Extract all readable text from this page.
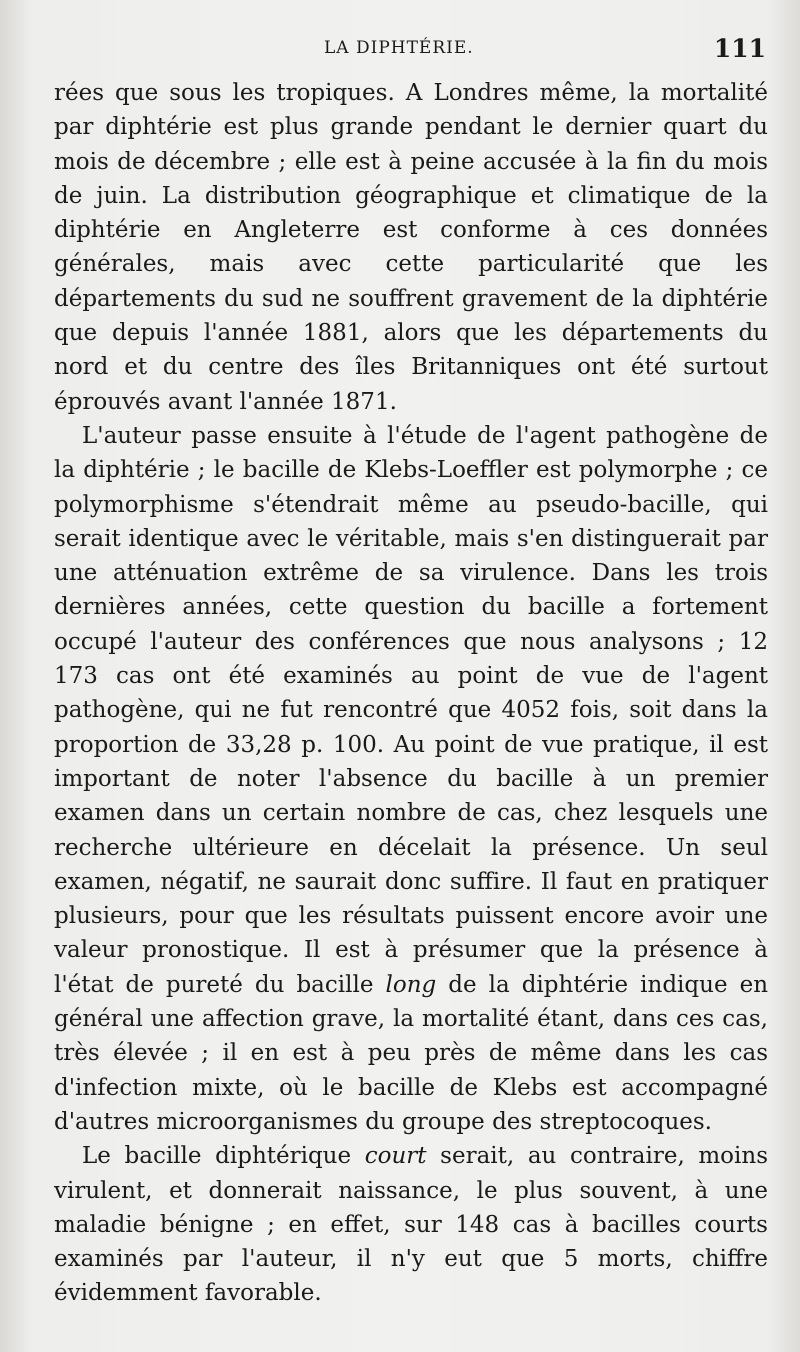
LA DIPHTÉRIE.	111

rées que sous les tropiques. A Londres même, la mortalité par diphtérie est plus grande pendant le dernier quart du mois de décembre ; elle est à peine accusée à la fin du mois de juin. La distribution géographique et climatique de la diphtérie en Angleterre est conforme à ces données générales, mais avec cette particularité que les départements du sud ne souffrent gravement de la diphtérie que depuis l'année 1881, alors que les départements du nord et du centre des îles Britanniques ont été surtout éprouvés avant l'année 1871.

L'auteur passe ensuite à l'étude de l'agent pathogène de la diphtérie ; le bacille de Klebs-Loeffler est polymorphe ; ce polymorphisme s'étendrait même au pseudo-bacille, qui serait identique avec le véritable, mais s'en distinguerait par une atténuation extrême de sa virulence. Dans les trois dernières années, cette question du bacille a fortement occupé l'auteur des conférences que nous analysons ; 12 173 cas ont été examinés au point de vue de l'agent pathogène, qui ne fut rencontré que 4052 fois, soit dans la proportion de 33,28 p. 100. Au point de vue pratique, il est important de noter l'absence du bacille à un premier examen dans un certain nombre de cas, chez lesquels une recherche ultérieure en décelait la présence. Un seul examen, négatif, ne saurait donc suffire. Il faut en pratiquer plusieurs, pour que les résultats puissent encore avoir une valeur pronostique. Il est à présumer que la présence à l'état de pureté du bacille long de la diphtérie indique en général une affection grave, la mortalité étant, dans ces cas, très élevée ; il en est à peu près de même dans les cas d'infection mixte, où le bacille de Klebs est accompagné d'autres microorganismes du groupe des streptocoques.

Le bacille diphtérique court serait, au contraire, moins virulent, et donnerait naissance, le plus souvent, à une maladie bénigne ; en effet, sur 148 cas à bacilles courts examinés par l'auteur, il n'y eut que 5 morts, chiffre évidemment favorable.
